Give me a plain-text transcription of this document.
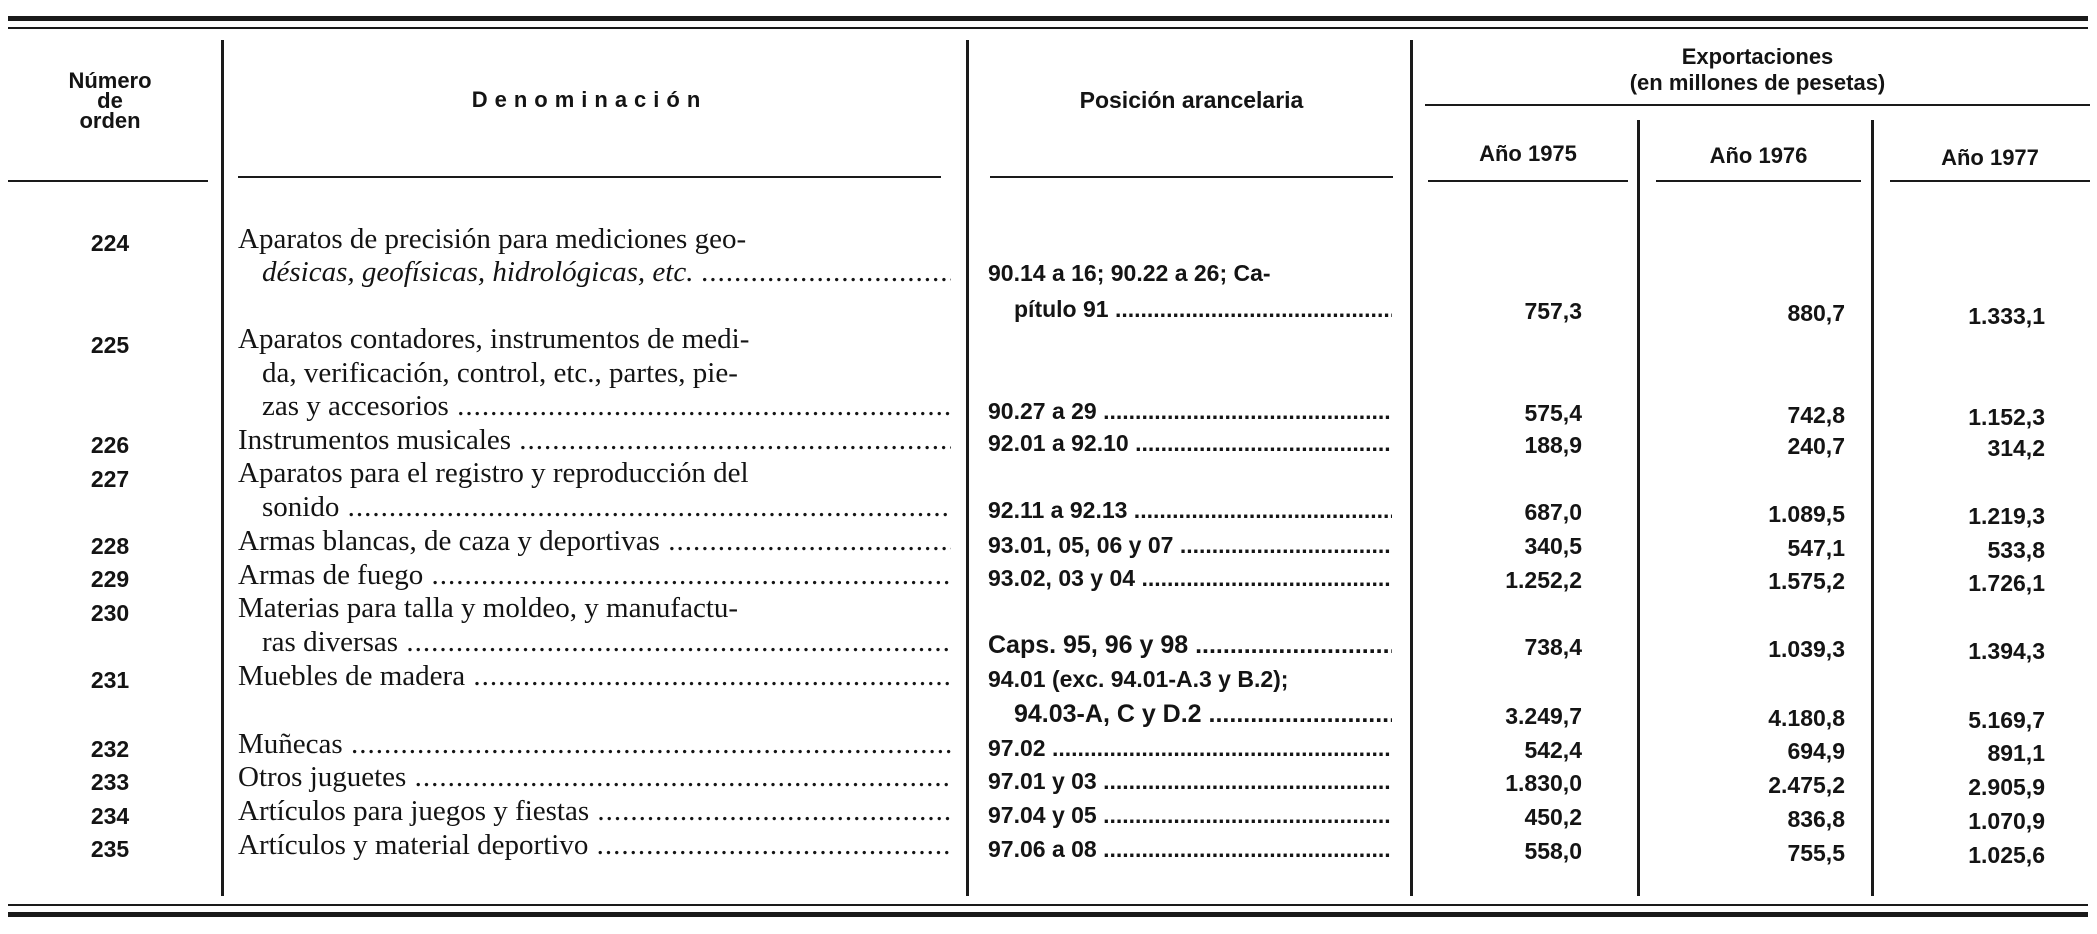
Número
de
orden
Denominación	Posición arancelaria
Exportaciones
(en millones de pesetas)
Año 1975	Año 1976	Año 1977
224	Aparatos de precisión para mediciones geo-
désicas, geofísicas, hidrológicas, etc. .....	90.14 a 16; 90.22 a 26; Ca-
pítulo 91 .....	757,3	880,7	1.333,1
225	Aparatos contadores, instrumentos de medi-
da, verificación, control, etc., partes, pie-
zas y accesorios .....	90.27 a 29 .....	575,4	742,8	1.152,3
226	Instrumentos musicales .....	92.01 a 92.10 .....	188,9	240,7	314,2
227	Aparatos para el registro y reproducción del
sonido .....	92.11 a 92.13 .....	687,0	1.089,5	1.219,3
228	Armas blancas, de caza y deportivas .....	93.01, 05, 06 y 07 .....	340,5	547,1	533,8
229	Armas de fuego .....	93.02, 03 y 04 .....	1.252,2	1.575,2	1.726,1
230	Materias para talla y moldeo, y manufactu-
ras diversas .....	Caps. 95, 96 y 98 .....	738,4	1.039,3	1.394,3
231	Muebles de madera .....	94.01 (exc. 94.01-A.3 y B.2);
94.03-A, C y D.2 .....	3.249,7	4.180,8	5.169,7
232	Muñecas .....	97.02 .....	542,4	694,9	891,1
233	Otros juguetes .....	97.01 y 03 .....	1.830,0	2.475,2	2.905,9
234	Artículos para juegos y fiestas .....	97.04 y 05 .....	450,2	836,8	1.070,9
235	Artículos y material deportivo .....	97.06 a 08 .....	558,0	755,5	1.025,6
